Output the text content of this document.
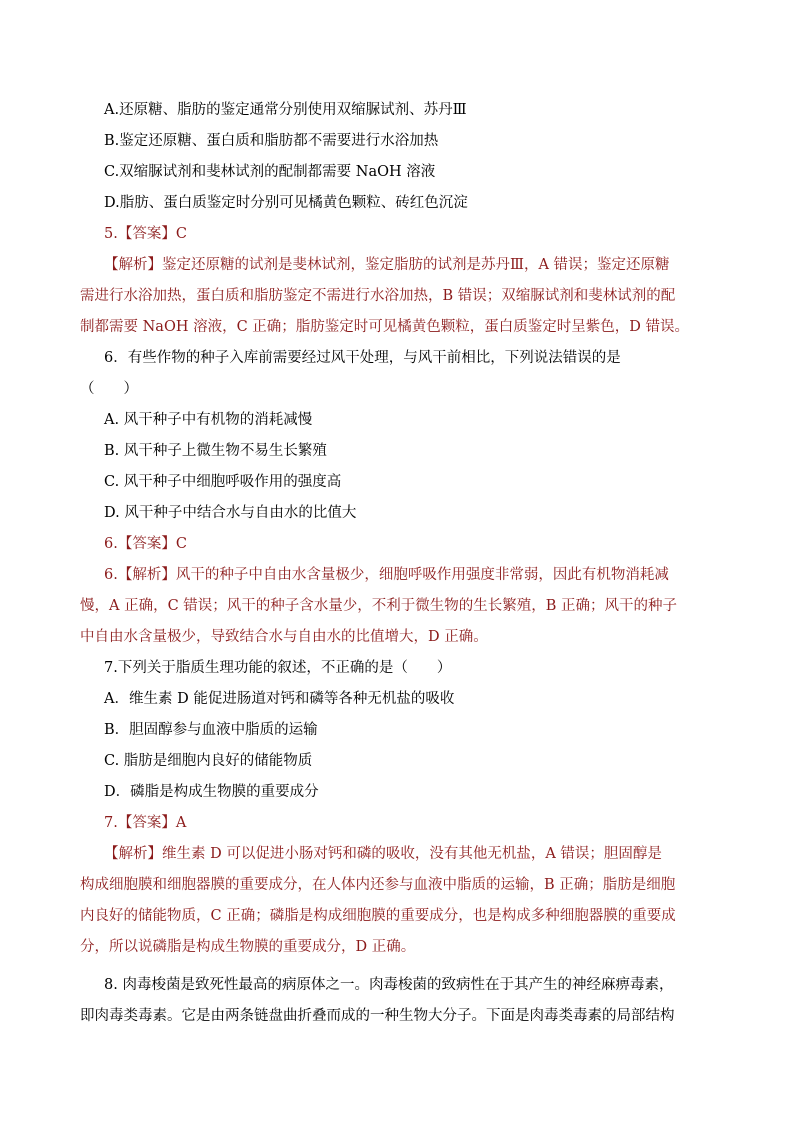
A.还原糖、脂肪的鉴定通常分别使用双缩脲试剂、苏丹Ⅲ
B.鉴定还原糖、蛋白质和脂肪都不需要进行水浴加热
C.双缩脲试剂和斐林试剂的配制都需要 NaOH 溶液
D.脂肪、蛋白质鉴定时分别可见橘黄色颗粒、砖红色沉淀
5.【答案】C
【解析】鉴定还原糖的试剂是斐林试剂，鉴定脂肪的试剂是苏丹Ⅲ，A 错误；鉴定还原糖
需进行水浴加热，蛋白质和脂肪鉴定不需进行水浴加热，B 错误；双缩脲试剂和斐林试剂的配
制都需要 NaOH 溶液，C 正确；脂肪鉴定时可见橘黄色颗粒，蛋白质鉴定时呈紫色，D 错误。
6．有些作物的种子入库前需要经过风干处理，与风干前相比，下列说法错误的是
（　　）
A. 风干种子中有机物的消耗减慢
B. 风干种子上微生物不易生长繁殖
C. 风干种子中细胞呼吸作用的强度高
D. 风干种子中结合水与自由水的比值大
6.【答案】C
6.【解析】风干的种子中自由水含量极少，细胞呼吸作用强度非常弱，因此有机物消耗减
慢，A 正确，C 错误；风干的种子含水量少，不利于微生物的生长繁殖，B 正确；风干的种子
中自由水含量极少，导致结合水与自由水的比值增大，D 正确。
7.下列关于脂质生理功能的叙述，不正确的是（　　）
A．维生素 D 能促进肠道对钙和磷等各种无机盐的吸收
B．胆固醇参与血液中脂质的运输
C. 脂肪是细胞内良好的储能物质
D．磷脂是构成生物膜的重要成分
7.【答案】A
【解析】维生素 D 可以促进小肠对钙和磷的吸收，没有其他无机盐，A 错误；胆固醇是
构成细胞膜和细胞器膜的重要成分，在人体内还参与血液中脂质的运输，B 正确；脂肪是细胞
内良好的储能物质，C 正确；磷脂是构成细胞膜的重要成分，也是构成多种细胞器膜的重要成
分，所以说磷脂是构成生物膜的重要成分，D 正确。
8. 肉毒梭菌是致死性最高的病原体之一。肉毒梭菌的致病性在于其产生的神经麻痹毒素，
即肉毒类毒素。它是由两条链盘曲折叠而成的一种生物大分子。下面是肉毒类毒素的局部结构
